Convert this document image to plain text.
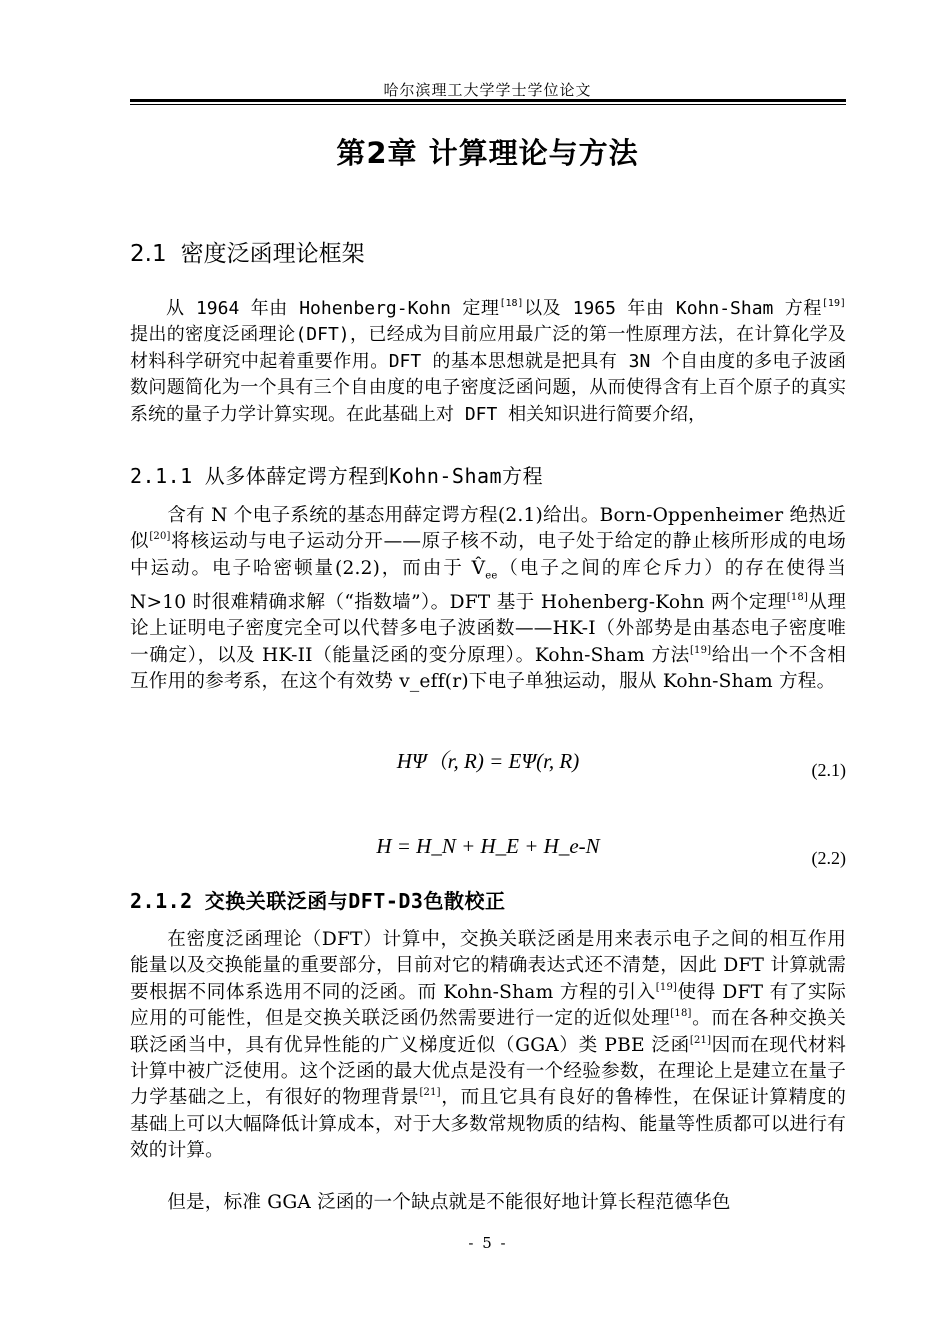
哈尔滨理工大学学士学位论文
第2章 计算理论与方法
2.1 密度泛函理论框架

从 1964 年由 Hohenberg-Kohn 定理[18]以及 1965 年由 Kohn-Sham 方程[19]提出的密度泛函理论(DFT)，已经成为目前应用最广泛的第一性原理方法，在计算化学及材料科学研究中起着重要作用。DFT 的基本思想就是把具有 3N 个自由度的多电子波函数问题简化为一个具有三个自由度的电子密度泛函问题，从而使得含有上百个原子的真实系统的量子力学计算实现。在此基础上对 DFT 相关知识进行简要介绍，

2.1.1 从多体薛定谔方程到Kohn-Sham方程

含有 N 个电子系统的基态用薛定谔方程(2.1)给出。Born-Oppenheimer 绝热近似[20]将核运动与电子运动分开——原子核不动，电子处于给定的静止核所形成的电场中运动。电子哈密顿量(2.2)，而由于 $V̂_{ee}$（电子之间的库仑斥力）的存在使得当 N>10 时很难精确求解（“指数墙”）。DFT 基于 Hohenberg-Kohn 两个定理[18]从理论上证明电子密度完全可以代替多电子波函数——HK-I（外部势是由基态电子密度唯一确定），以及 HK-II（能量泛函的变分原理）。Kohn-Sham 方法[19]给出一个不含相互作用的参考系，在这个有效势 v_eff(r)下电子单独运动，服从 Kohn-Sham 方程。

HΨ（r, R) = EΨ(r, R)	(2.1)
H = H_N + H_E + H_e-N	(2.2)
2.1.2 交换关联泛函与DFT-D3色散校正

在密度泛函理论（DFT）计算中，交换关联泛函是用来表示电子之间的相互作用能量以及交换能量的重要部分，目前对它的精确表达式还不清楚，因此 DFT 计算就需要根据不同体系选用不同的泛函。而 Kohn-Sham 方程的引入[19]使得 DFT 有了实际应用的可能性，但是交换关联泛函仍然需要进行一定的近似处理[18]。而在各种交换关联泛函当中，具有优异性能的广义梯度近似（GGA）类 PBE 泛函[21]因而在现代材料计算中被广泛使用。这个泛函的最大优点是没有一个经验参数，在理论上是建立在量子力学基础之上，有很好的物理背景[21]，而且它具有良好的鲁棒性，在保证计算精度的基础上可以大幅降低计算成本，对于大多数常规物质的结构、能量等性质都可以进行有效的计算。

但是，标准 GGA 泛函的一个缺点就是不能很好地计算长程范德华色

- 5 -
